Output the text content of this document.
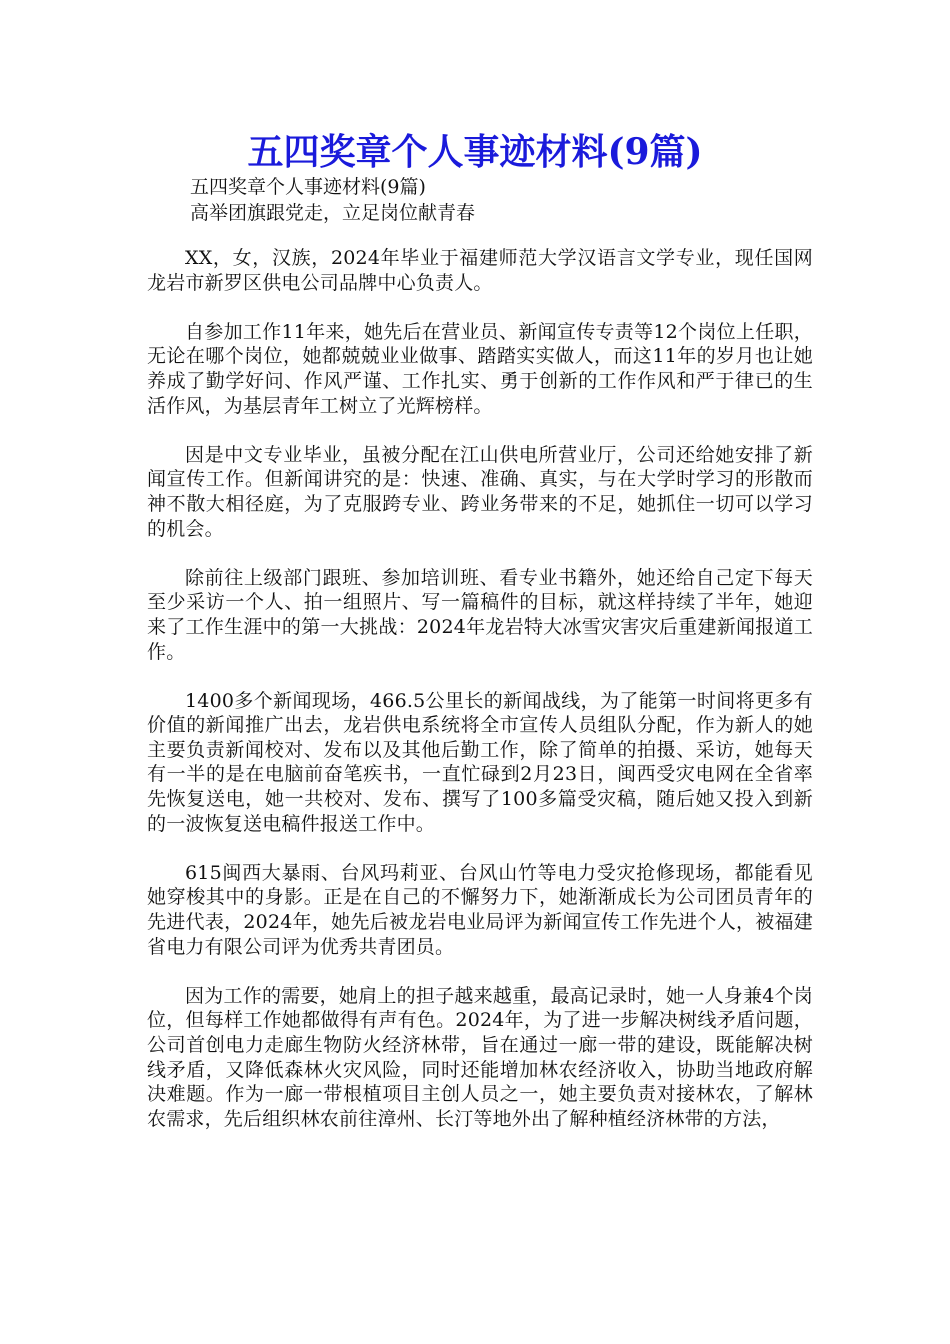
五四奖章个人事迹材料(9篇)
五四奖章个人事迹材料(9篇)
高举团旗跟党走，立足岗位献青春

XX，女，汉族，2024年毕业于福建师范大学汉语言文学专业，现任国网龙岩市新罗区供电公司品牌中心负责人。

自参加工作11年来，她先后在营业员、新闻宣传专责等12个岗位上任职，无论在哪个岗位，她都兢兢业业做事、踏踏实实做人，而这11年的岁月也让她养成了勤学好问、作风严谨、工作扎实、勇于创新的工作作风和严于律已的生活作风，为基层青年工树立了光辉榜样。

因是中文专业毕业，虽被分配在江山供电所营业厅，公司还给她安排了新闻宣传工作。但新闻讲究的是：快速、准确、真实，与在大学时学习的形散而神不散大相径庭，为了克服跨专业、跨业务带来的不足，她抓住一切可以学习的机会。

除前往上级部门跟班、参加培训班、看专业书籍外，她还给自己定下每天至少采访一个人、拍一组照片、写一篇稿件的目标，就这样持续了半年，她迎来了工作生涯中的第一大挑战：2024年龙岩特大冰雪灾害灾后重建新闻报道工作。

1400多个新闻现场，466.5公里长的新闻战线，为了能第一时间将更多有价值的新闻推广出去，龙岩供电系统将全市宣传人员组队分配，作为新人的她主要负责新闻校对、发布以及其他后勤工作，除了简单的拍摄、采访，她每天有一半的是在电脑前奋笔疾书，一直忙碌到2月23日，闽西受灾电网在全省率先恢复送电，她一共校对、发布、撰写了100多篇受灾稿，随后她又投入到新的一波恢复送电稿件报送工作中。

615闽西大暴雨、台风玛莉亚、台风山竹等电力受灾抢修现场，都能看见她穿梭其中的身影。正是在自己的不懈努力下，她渐渐成长为公司团员青年的先进代表，2024年，她先后被龙岩电业局评为新闻宣传工作先进个人，被福建省电力有限公司评为优秀共青团员。

因为工作的需要，她肩上的担子越来越重，最高记录时，她一人身兼4个岗位，但每样工作她都做得有声有色。2024年，为了进一步解决树线矛盾问题，公司首创电力走廊生物防火经济林带，旨在通过一廊一带的建设，既能解决树线矛盾，又降低森林火灾风险，同时还能增加林农经济收入，协助当地政府解决难题。作为一廊一带根植项目主创人员之一，她主要负责对接林农，了解林农需求，先后组织林农前往漳州、长汀等地外出了解种植经济林带的方法，
